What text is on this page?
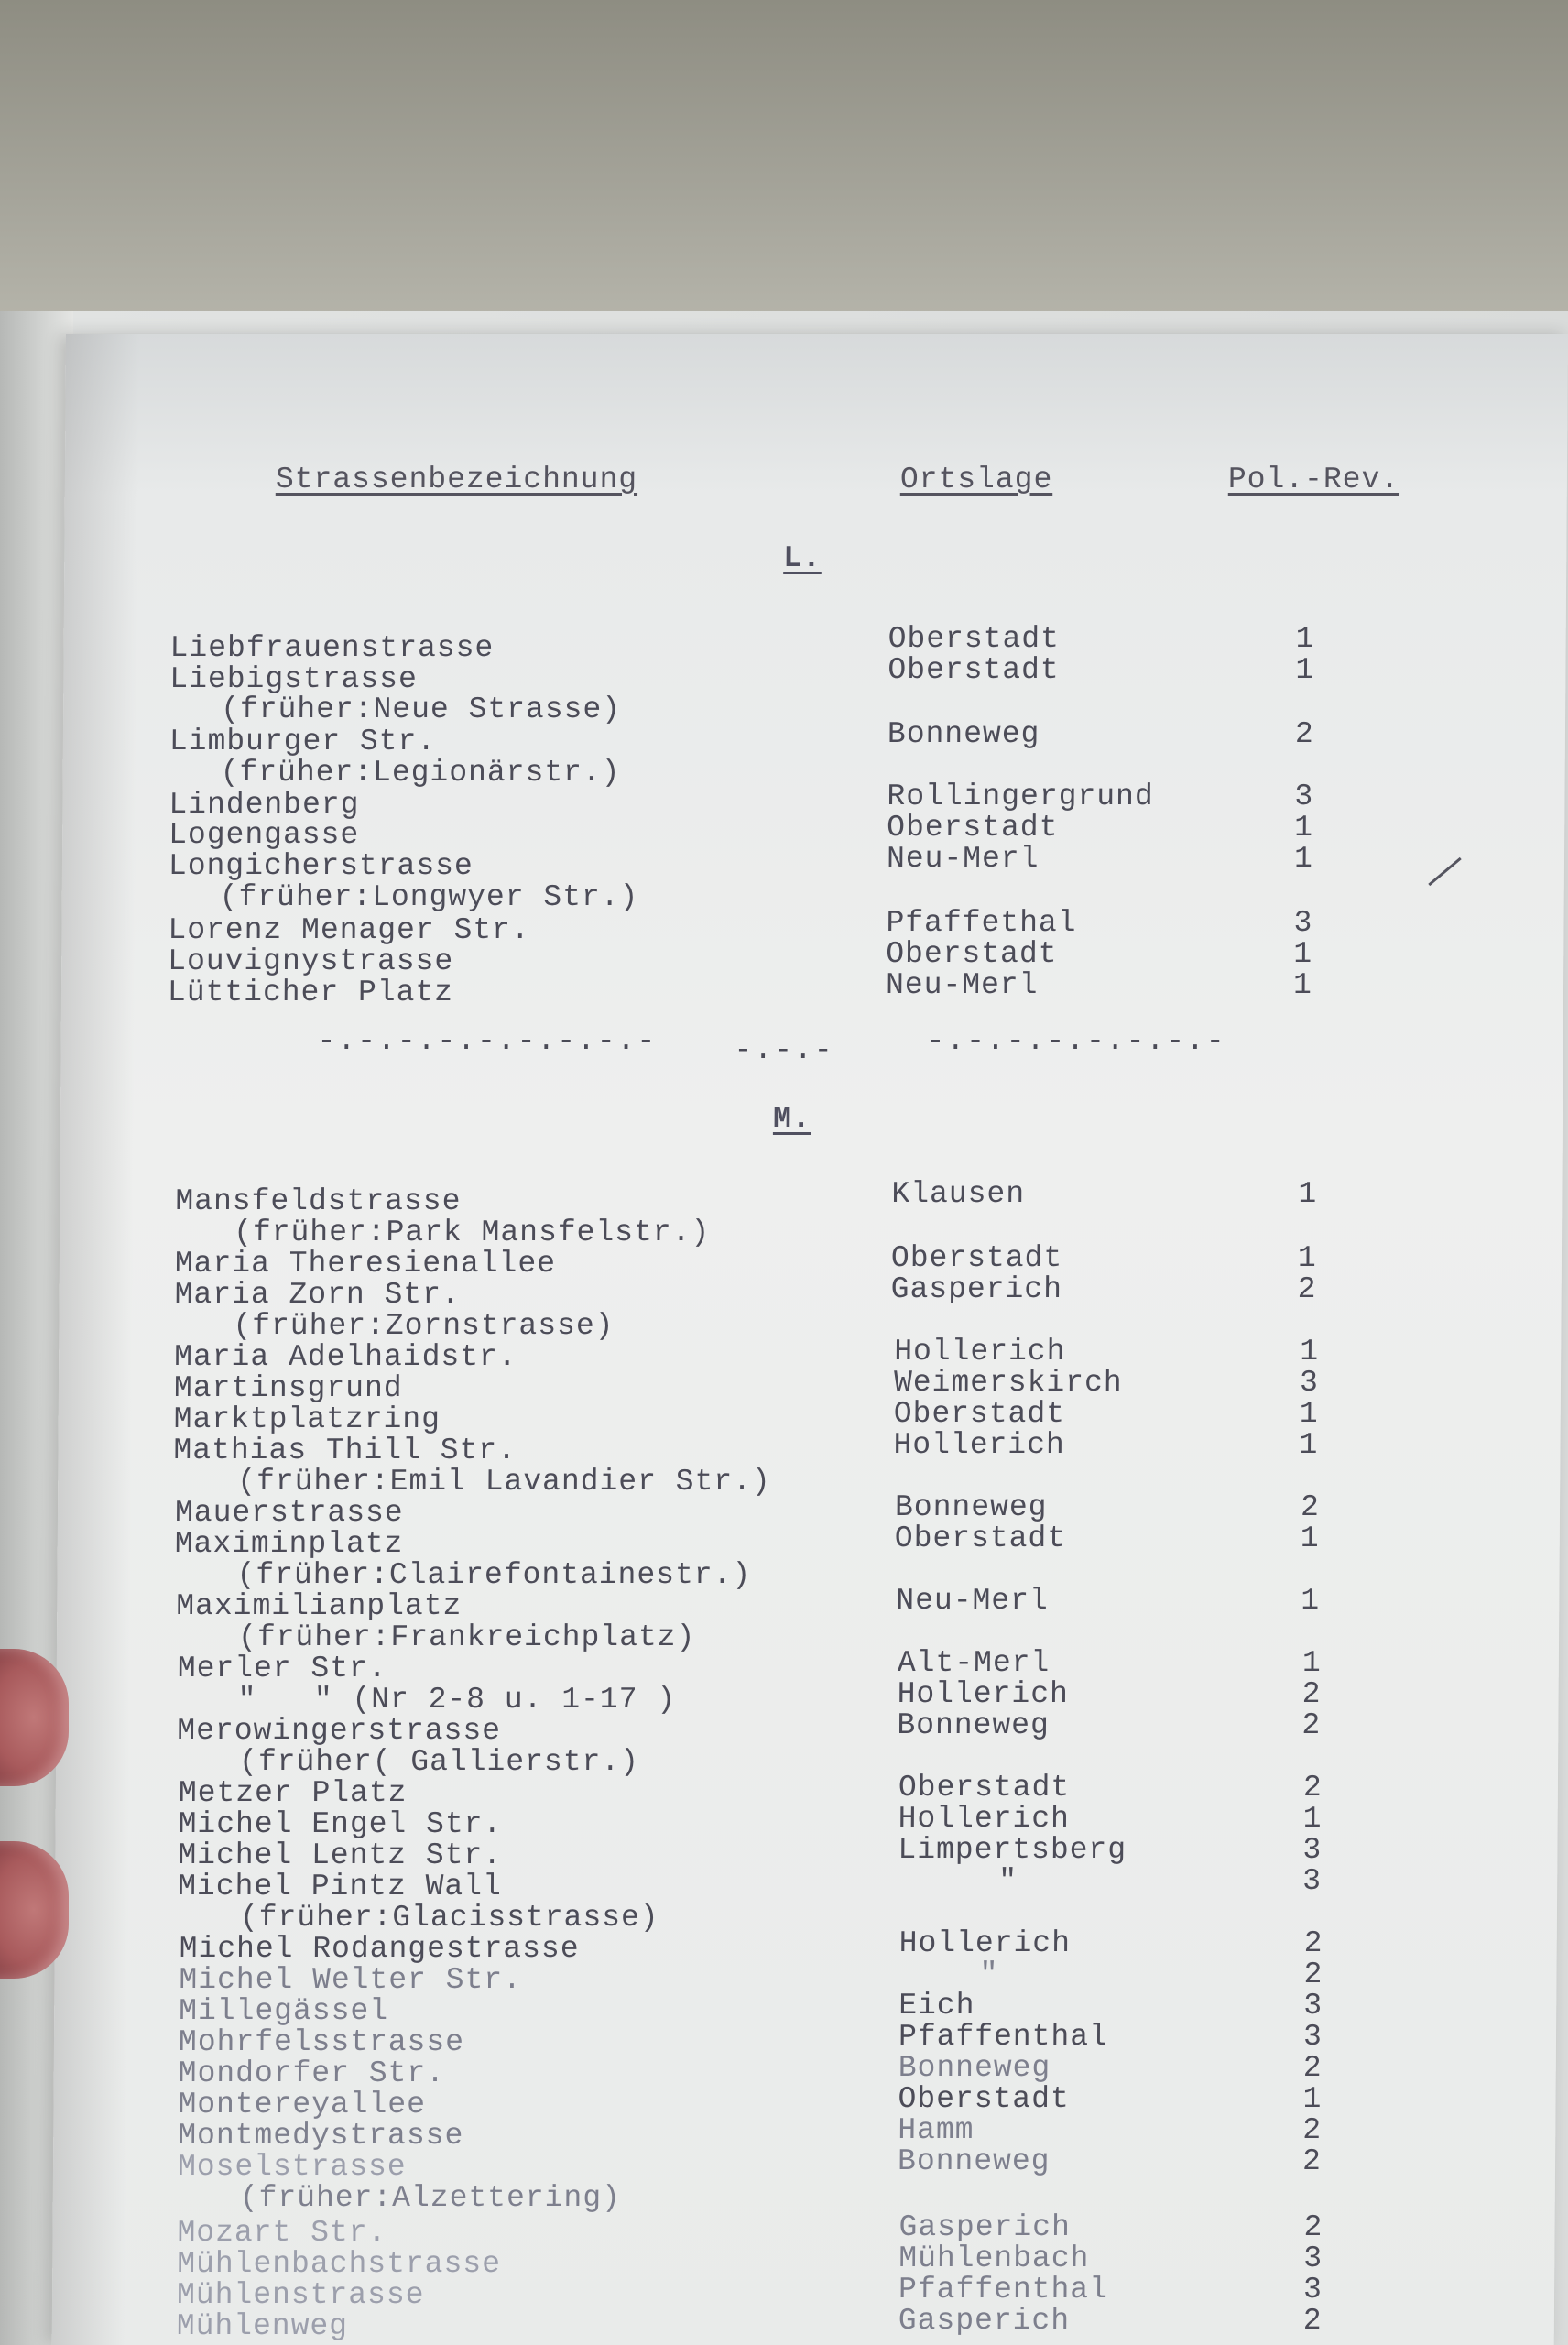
Strassenbezeichnung	Ortslage	Pol.-Rev.
L.
Liebfrauenstrasse	Oberstadt	1
Liebigstrasse	Oberstadt	1
(früher:Neue Strasse)
Limburger Str.	Bonneweg	2
(früher:Legionärstr.)
Lindenberg	Rollingergrund	3
Logengasse	Oberstadt	1
Longicherstrasse	Neu-Merl	1
(früher:Longwyer Str.)
Lorenz Menager Str.	Pfaffethal	3
Louvignystrasse	Oberstadt	1
Lütticher Platz	Neu-Merl	1
-.-.-.-.-.-.-.-.-	-.-.-	-.-.-.-.-.-.-.-
M.
Mansfeldstrasse	Klausen	1
(früher:Park Mansfelstr.)
Maria Theresienallee	Oberstadt	1
Maria Zorn Str.	Gasperich	2
(früher:Zornstrasse)
Maria Adelhaidstr.	Hollerich	1
Martinsgrund	Weimerskirch	3
Marktplatzring	Oberstadt	1
Mathias Thill Str.	Hollerich	1
(früher:Emil Lavandier Str.)
Mauerstrasse	Bonneweg	2
Maximinplatz	Oberstadt	1
(früher:Clairefontainestr.)
Maximilianplatz	Neu-Merl	1
(früher:Frankreichplatz)
Merler Str.	Alt-Merl	1
"   " (Nr 2-8 u. 1-17 )	Hollerich	2
Merowingerstrasse	Bonneweg	2
(früher( Gallierstr.)
Metzer Platz	Oberstadt	2
Michel Engel Str.	Hollerich	1
Michel Lentz Str.	Limpertsberg	3
Michel Pintz Wall	"	3
(früher:Glacisstrasse)
Michel Rodangestrasse	Hollerich	2
Michel Welter Str.	"	2
Millegässel	Eich	3
Mohrfelsstrasse	Pfaffenthal	3
Mondorfer Str.	Bonneweg	2
Montereyallee	Oberstadt	1
Montmedystrasse	Hamm	2
Moselstrasse	Bonneweg	2
(früher:Alzettering)
Mozart Str.	Gasperich	2
Mühlenbachstrasse	Mühlenbach	3
Mühlenstrasse	Pfaffenthal	3
Mühlenweg	Gasperich	2
